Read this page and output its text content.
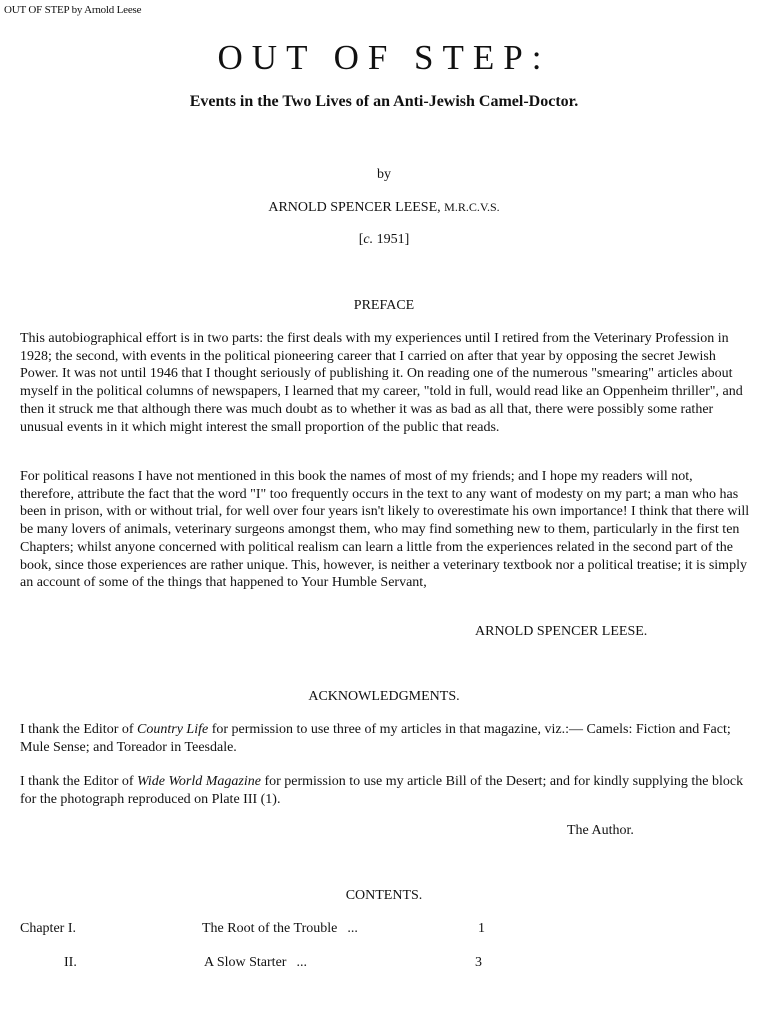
OUT OF STEP by Arnold Leese
OUT OF STEP:
Events in the Two Lives of an Anti-Jewish Camel-Doctor.
by
ARNOLD SPENCER LEESE, M.R.C.V.S.
[c. 1951]
PREFACE

This autobiographical effort is in two parts: the first deals with my experiences until I retired from the Veterinary Profession in 1928; the second, with events in the political pioneering career that I carried on after that year by opposing the secret Jewish Power. It was not until 1946 that I thought seriously of publishing it. On reading one of the numerous "smearing" articles about myself in the political columns of newspapers, I learned that my career, "told in full, would read like an Oppenheim thriller", and then it struck me that although there was much doubt as to whether it was as bad as all that, there were possibly some rather unusual events in it which might interest the small proportion of the public that reads.

For political reasons I have not mentioned in this book the names of most of my friends; and I hope my readers will not, therefore, attribute the fact that the word "I" too frequently occurs in the text to any want of modesty on my part; a man who has been in prison, with or without trial, for well over four years isn't likely to overestimate his own importance! I think that there will be many lovers of animals, veterinary surgeons amongst them, who may find something new to them, particularly in the first ten Chapters; whilst anyone concerned with political realism can learn a little from the experiences related in the second part of the book, since those experiences are rather unique. This, however, is neither a veterinary textbook nor a political treatise; it is simply an account of some of the things that happened to Your Humble Servant,

ARNOLD SPENCER LEESE.
ACKNOWLEDGMENTS.

I thank the Editor of Country Life for permission to use three of my articles in that magazine, viz.:— Camels: Fiction and Fact; Mule Sense; and Toreador in Teesdale.

I thank the Editor of Wide World Magazine for permission to use my article Bill of the Desert; and for kindly supplying the block for the photograph reproduced on Plate III (1).

The Author.
CONTENTS.
Chapter I.	The Root of the Trouble ...	1
II.	A Slow Starter ...	3
